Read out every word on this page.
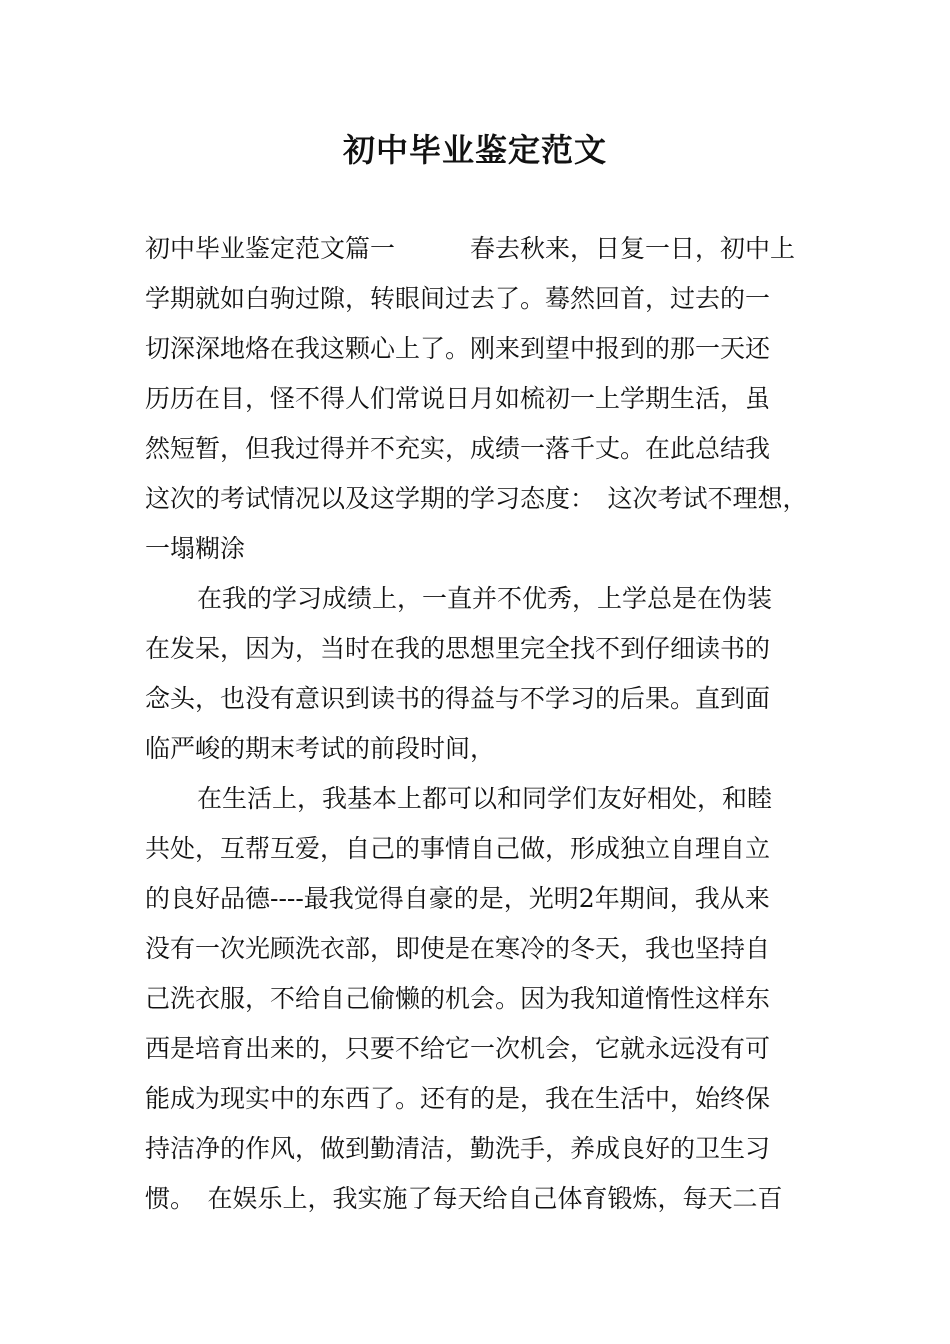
初中毕业鉴定范文
初中毕业鉴定范文篇一　　　春去秋来，日复一日，初中上
学期就如白驹过隙，转眼间过去了。蓦然回首，过去的一
切深深地烙在我这颗心上了。刚来到望中报到的那一天还
历历在目，怪不得人们常说日月如梳初一上学期生活，虽
然短暂，但我过得并不充实，成绩一落千丈。在此总结我
这次的考试情况以及这学期的学习态度：　这次考试不理想，
一塌糊涂
在我的学习成绩上，一直并不优秀，上学总是在伪装
在发呆，因为，当时在我的思想里完全找不到仔细读书的
念头，也没有意识到读书的得益与不学习的后果。直到面
临严峻的期末考试的前段时间，
在生活上，我基本上都可以和同学们友好相处，和睦
共处，互帮互爱，自己的事情自己做，形成独立自理自立
的良好品德----最我觉得自豪的是，光明2年期间，我从来
没有一次光顾洗衣部，即使是在寒冷的冬天，我也坚持自
己洗衣服，不给自己偷懒的机会。因为我知道惰性这样东
西是培育出来的，只要不给它一次机会，它就永远没有可
能成为现实中的东西了。还有的是，我在生活中，始终保
持洁净的作风，做到勤清洁，勤洗手，养成良好的卫生习
惯。　在娱乐上，我实施了每天给自己体育锻炼，每天二百
